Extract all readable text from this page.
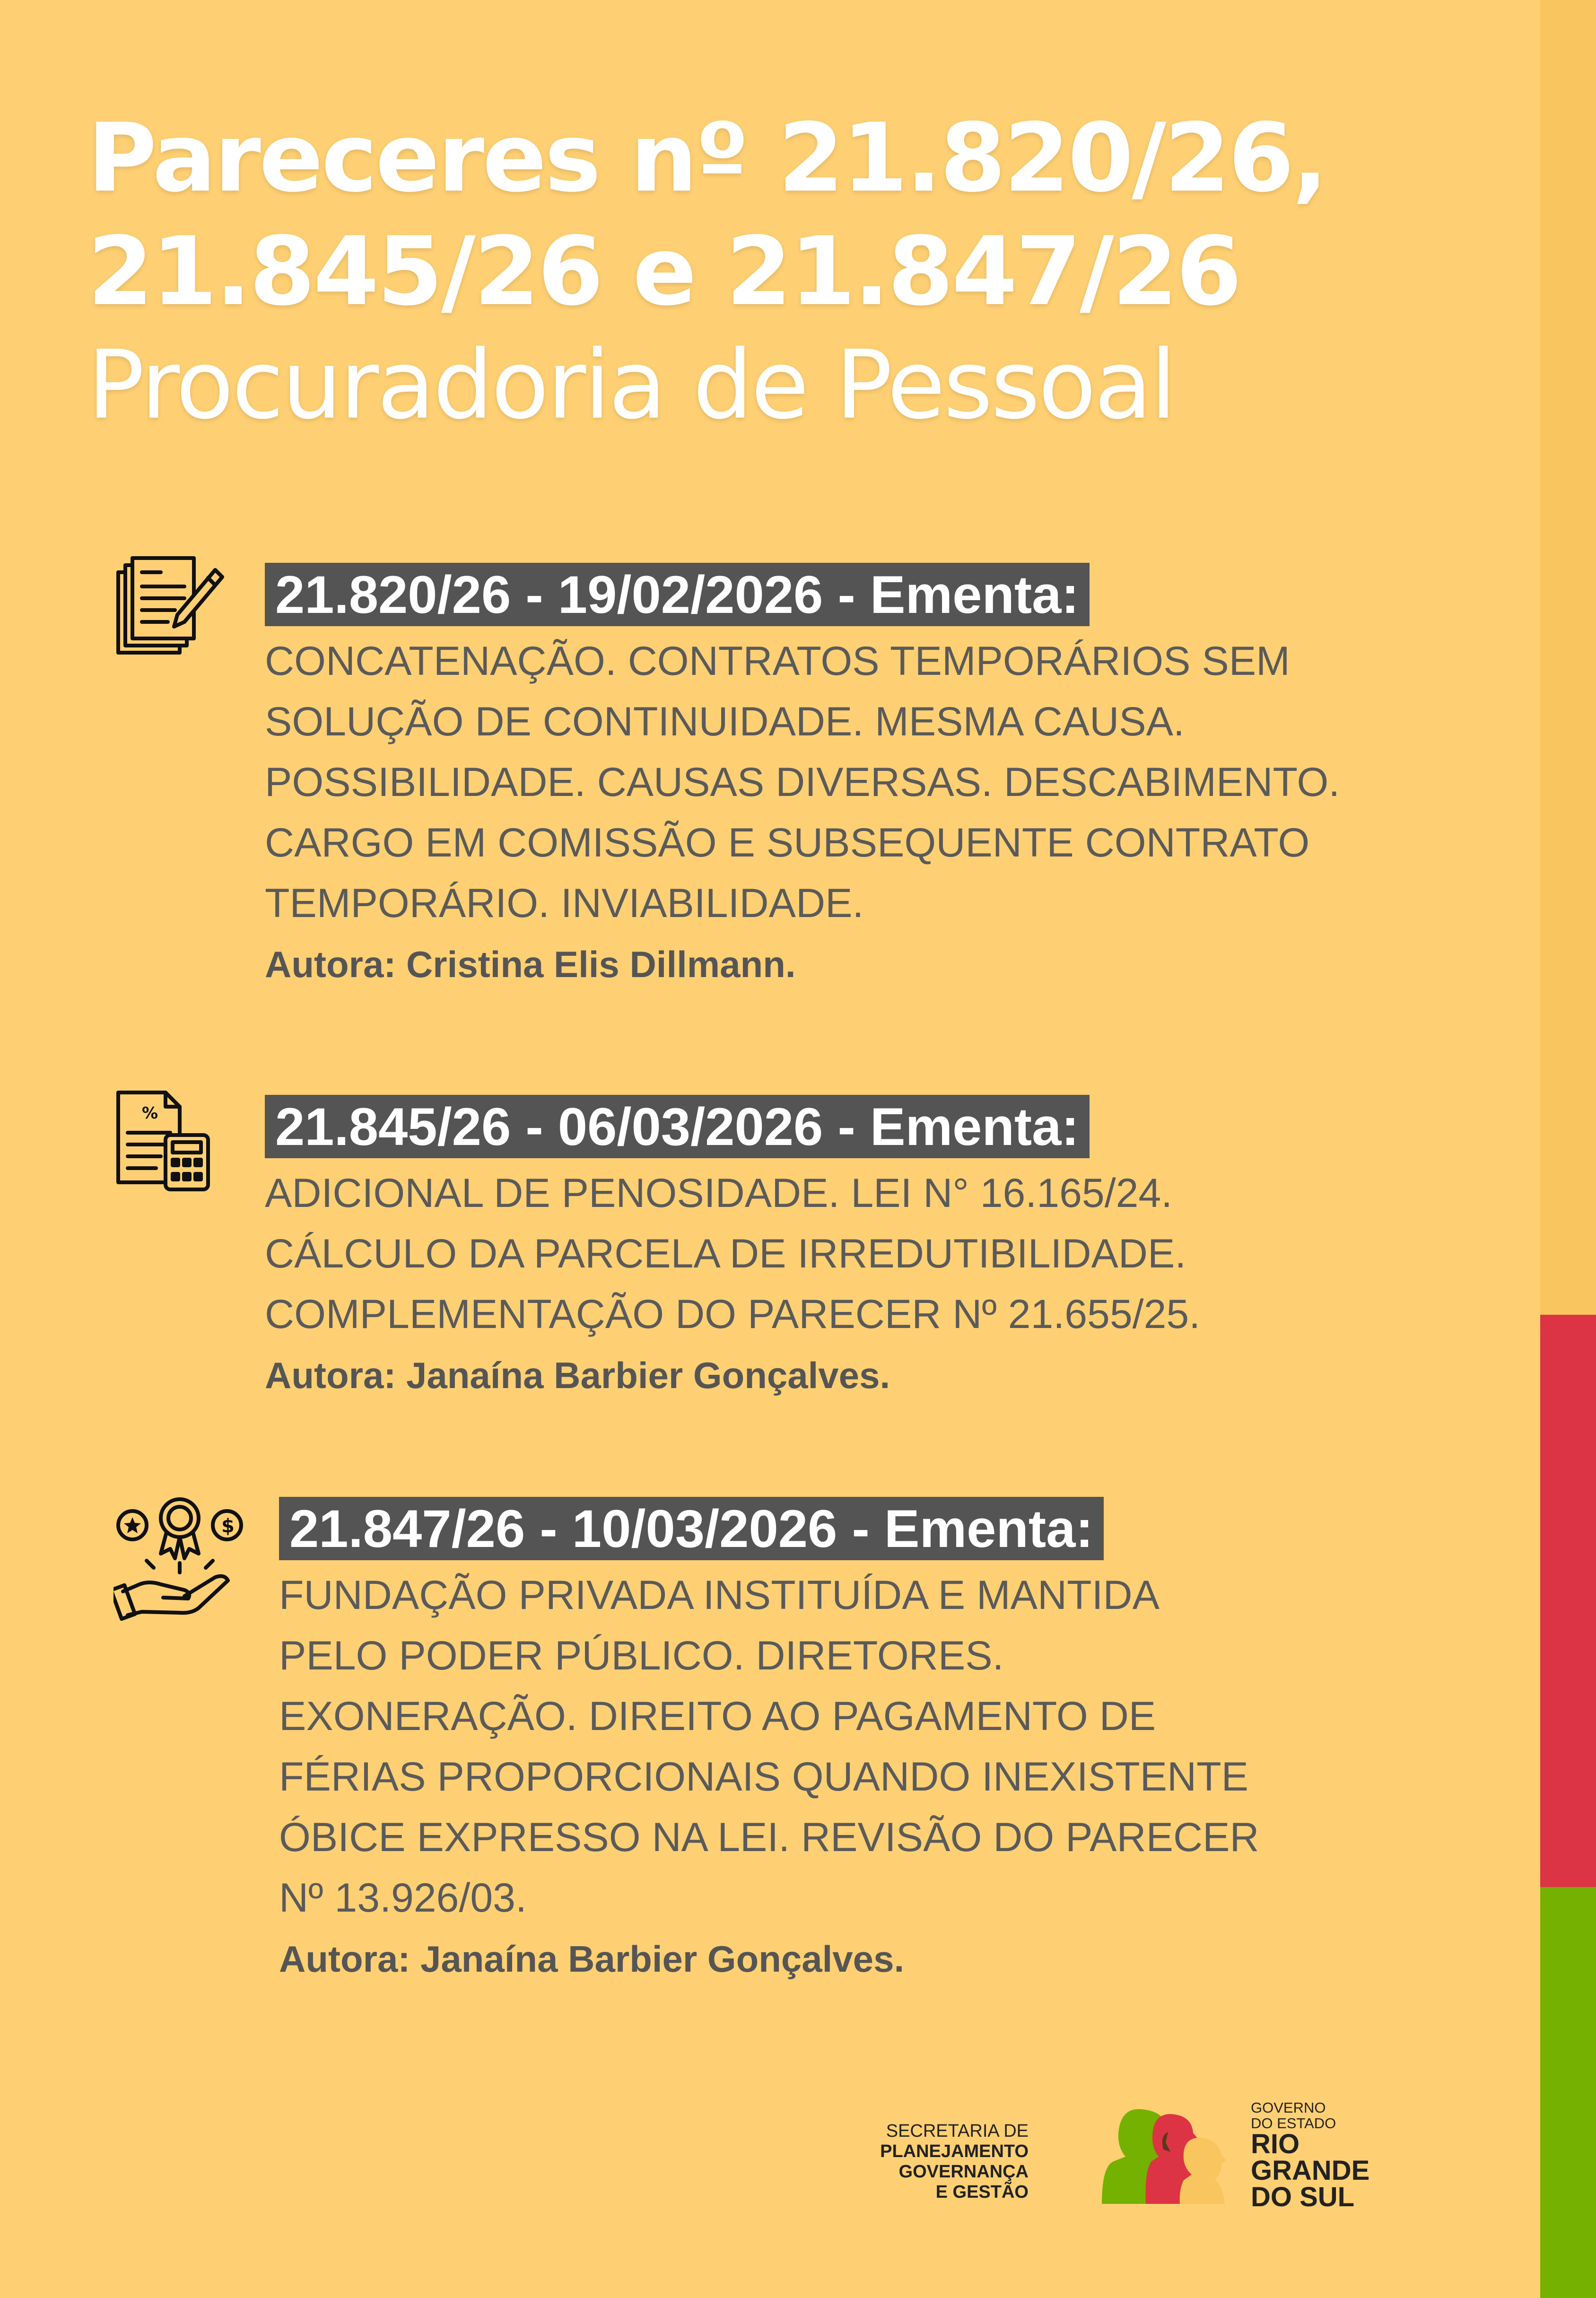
Pareceres nº 21.820/26,
21.845/26 e 21.847/26
Procuradoria de Pessoal
21.820/26 - 19/02/2026 - Ementa:
CONCATENAÇÃO. CONTRATOS TEMPORÁRIOS SEM
SOLUÇÃO DE CONTINUIDADE. MESMA CAUSA.
POSSIBILIDADE. CAUSAS DIVERSAS. DESCABIMENTO.
CARGO EM COMISSÃO E SUBSEQUENTE CONTRATO
TEMPORÁRIO. INVIABILIDADE.
Autora: Cristina Elis Dillmann.
% 21.845/26 - 06/03/2026 - Ementa:
ADICIONAL DE PENOSIDADE. LEI N° 16.165/24.
CÁLCULO DA PARCELA DE IRREDUTIBILIDADE.
COMPLEMENTAÇÃO DO PARECER Nº 21.655/25.
Autora: Janaína Barbier Gonçalves.
$ 21.847/26 - 10/03/2026 - Ementa:
FUNDAÇÃO PRIVADA INSTITUÍDA E MANTIDA
PELO PODER PÚBLICO. DIRETORES.
EXONERAÇÃO. DIREITO AO PAGAMENTO DE
FÉRIAS PROPORCIONAIS QUANDO INEXISTENTE
ÓBICE EXPRESSO NA LEI. REVISÃO DO PARECER
Nº 13.926/03.
Autora: Janaína Barbier Gonçalves.
SECRETARIA DE
PLANEJAMENTO
GOVERNANÇA
E GESTÃO
GOVERNO
DO ESTADO
RIO
GRANDE
DO SUL
